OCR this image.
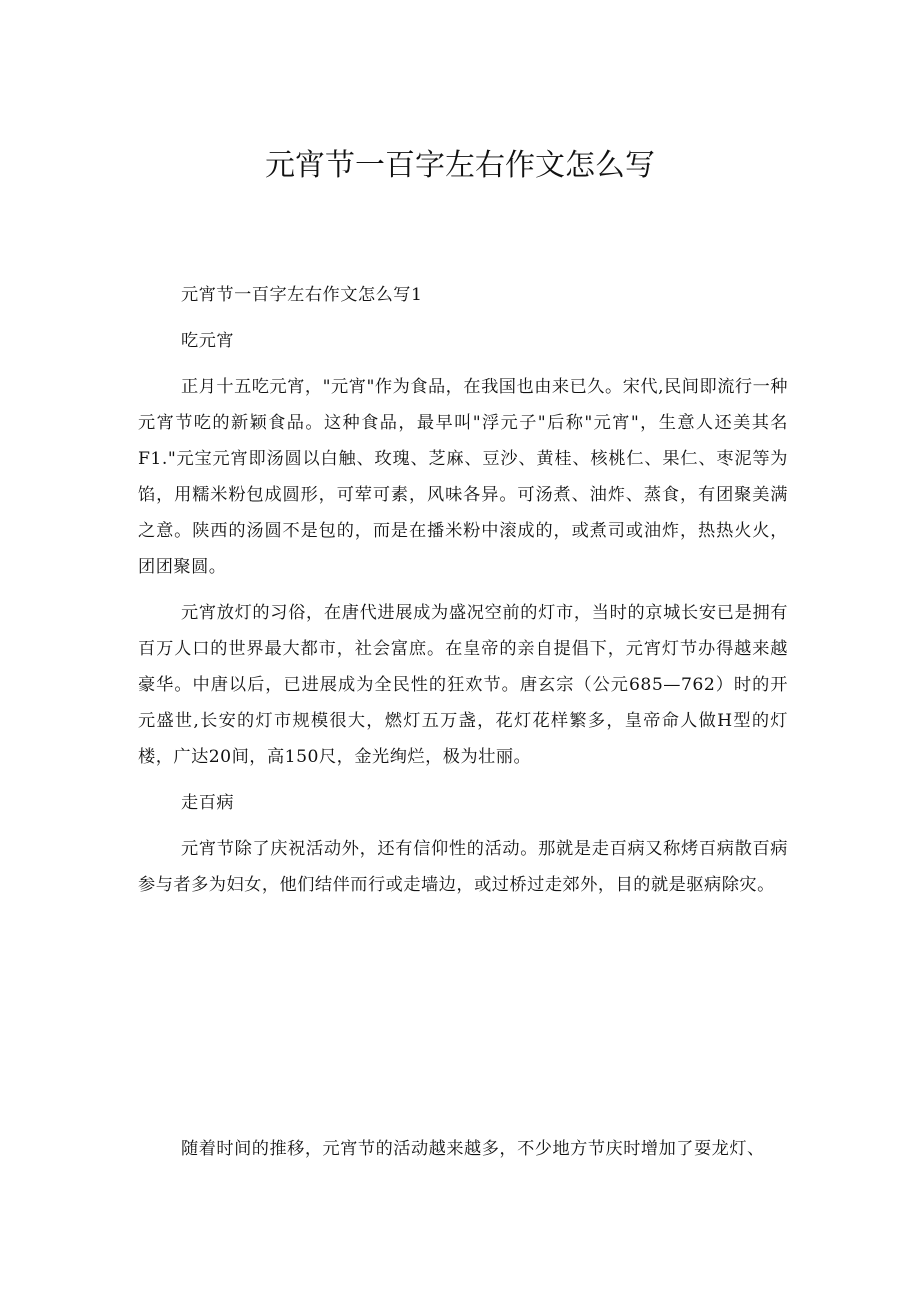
元宵节一百字左右作文怎么写

元宵节一百字左右作文怎么写1

吃元宵

正月十五吃元宵，"元宵"作为食品，在我国也由来已久。宋代,民间即流行一种元宵节吃的新颖食品。这种食品，最早叫"浮元子"后称"元宵"，生意人还美其名F1."元宝元宵即汤圆以白触、玫瑰、芝麻、豆沙、黄桂、核桃仁、果仁、枣泥等为馅，用糯米粉包成圆形，可荤可素，风味各异。可汤煮、油炸、蒸食，有团聚美满之意。陕西的汤圆不是包的，而是在播米粉中滚成的，或煮司或油炸，热热火火，团团聚圆。

元宵放灯的习俗，在唐代进展成为盛况空前的灯市，当时的京城长安已是拥有百万人口的世界最大都市，社会富庶。在皇帝的亲自提倡下，元宵灯节办得越来越豪华。中唐以后，已进展成为全民性的狂欢节。唐玄宗（公元685—762）时的开元盛世,长安的灯市规模很大，燃灯五万盏，花灯花样繁多，皇帝命人做H型的灯楼，广达20间，高150尺，金光绚烂，极为壮丽。

走百病

元宵节除了庆祝活动外，还有信仰性的活动。那就是走百病又称烤百病散百病参与者多为妇女，他们结伴而行或走墙边，或过桥过走郊外，目的就是驱病除灾。

随着时间的推移，元宵节的活动越来越多，不少地方节庆时增加了耍龙灯、
